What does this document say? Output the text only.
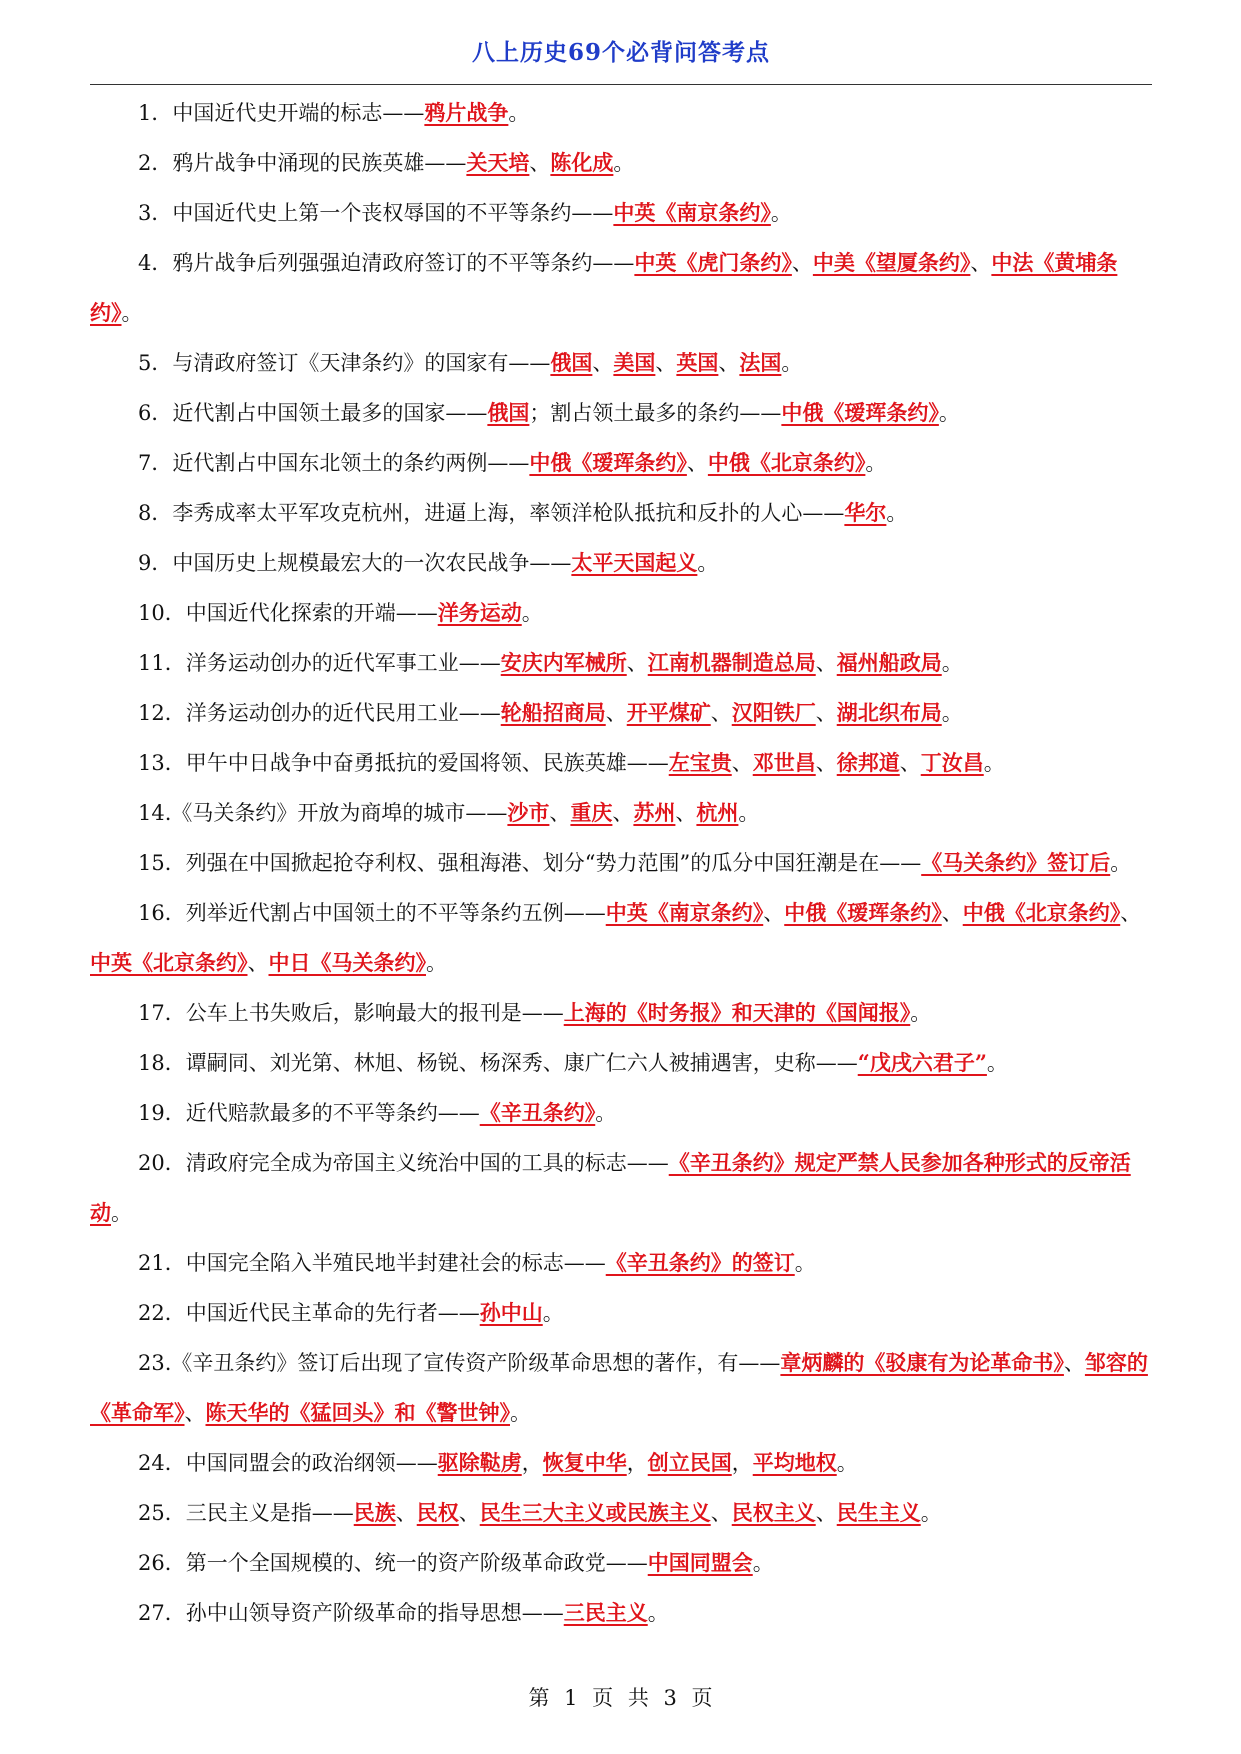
八上历史69个必背问答考点

1．中国近代史开端的标志——鸦片战争。

2．鸦片战争中涌现的民族英雄——关天培、陈化成。

3．中国近代史上第一个丧权辱国的不平等条约——中英《南京条约》。

4．鸦片战争后列强强迫清政府签订的不平等条约——中英《虎门条约》、中美《望厦条约》、中法《黄埔条约》。

5．与清政府签订《天津条约》的国家有——俄国、美国、英国、法国。

6．近代割占中国领土最多的国家——俄国；割占领土最多的条约——中俄《瑷珲条约》。

7．近代割占中国东北领土的条约两例——中俄《瑷珲条约》、中俄《北京条约》。

8．李秀成率太平军攻克杭州，进逼上海，率领洋枪队抵抗和反扑的人心——华尔。

9．中国历史上规模最宏大的一次农民战争——太平天国起义。

10．中国近代化探索的开端——洋务运动。

11．洋务运动创办的近代军事工业——安庆内军械所、江南机器制造总局、福州船政局。

12．洋务运动创办的近代民用工业——轮船招商局、开平煤矿、汉阳铁厂、湖北织布局。

13．甲午中日战争中奋勇抵抗的爱国将领、民族英雄——左宝贵、邓世昌、徐邦道、丁汝昌。

14.《马关条约》开放为商埠的城市——沙市、重庆、苏州、杭州。

15．列强在中国掀起抢夺利权、强租海港、划分“势力范围”的瓜分中国狂潮是在——《马关条约》签订后。

16．列举近代割占中国领土的不平等条约五例——中英《南京条约》、中俄《瑷珲条约》、中俄《北京条约》、中英《北京条约》、中日《马关条约》。

17．公车上书失败后，影响最大的报刊是——上海的《时务报》和天津的《国闻报》。

18．谭嗣同、刘光第、林旭、杨锐、杨深秀、康广仁六人被捕遇害，史称——“戊戌六君子”。

19．近代赔款最多的不平等条约——《辛丑条约》。

20．清政府完全成为帝国主义统治中国的工具的标志——《辛丑条约》规定严禁人民参加各种形式的反帝活动。

21．中国完全陷入半殖民地半封建社会的标志——《辛丑条约》的签订。

22．中国近代民主革命的先行者——孙中山。

23.《辛丑条约》签订后出现了宣传资产阶级革命思想的著作，有——章炳麟的《驳康有为论革命书》、邹容的《革命军》、陈天华的《猛回头》和《警世钟》。

24．中国同盟会的政治纲领——驱除鞑虏，恢复中华，创立民国，平均地权。

25．三民主义是指——民族、民权、民生三大主义或民族主义、民权主义、民生主义。

26．第一个全国规模的、统一的资产阶级革命政党——中国同盟会。

27．孙中山领导资产阶级革命的指导思想——三民主义。

第 1 页 共 3 页
